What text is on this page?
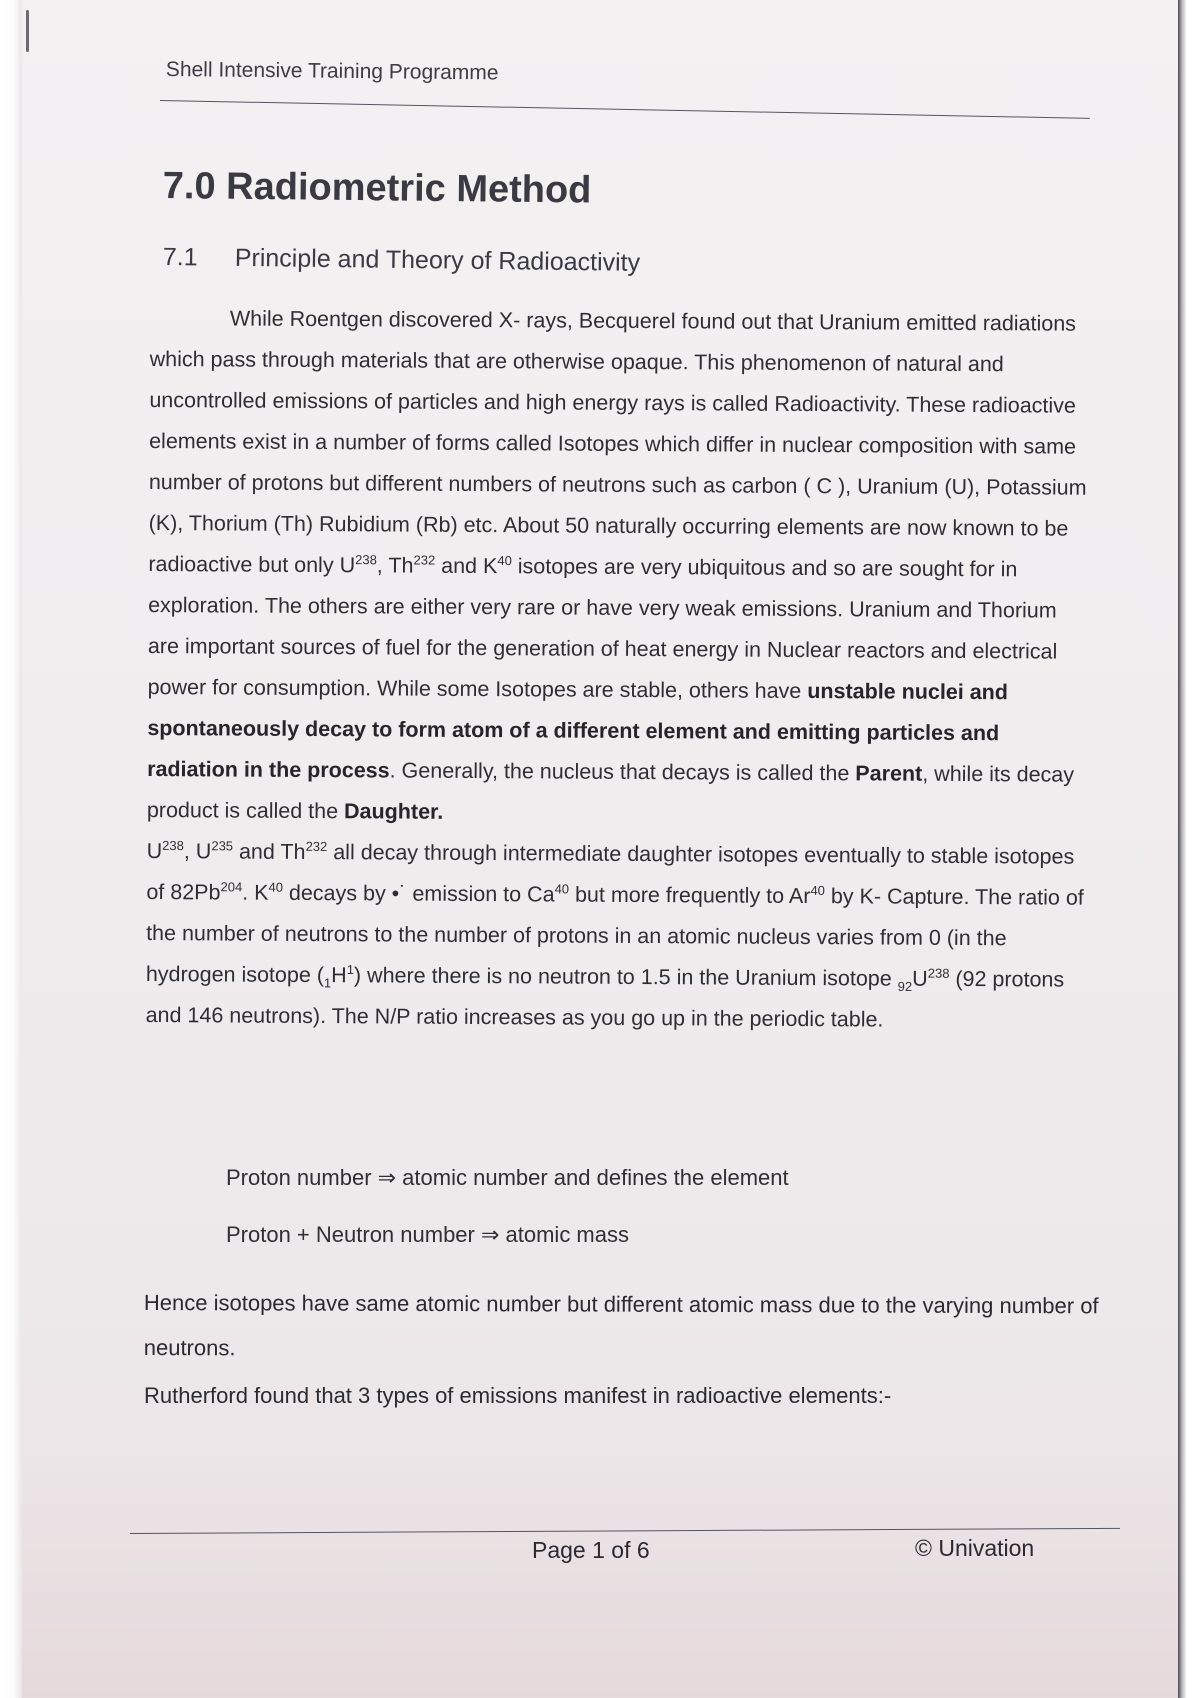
Shell Intensive Training Programme
7.0 Radiometric Method
7.1 Principle and Theory of Radioactivity

While Roentgen discovered X- rays, Becquerel found out that Uranium emitted radiations which pass through materials that are otherwise opaque. This phenomenon of natural and uncontrolled emissions of particles and high energy rays is called Radioactivity. These radioactive elements exist in a number of forms called Isotopes which differ in nuclear composition with same number of protons but different numbers of neutrons such as carbon ( C ), Uranium (U), Potassium (K), Thorium (Th) Rubidium (Rb) etc. About 50 naturally occurring elements are now known to be radioactive but only $U^{238}$, Th$^{232}$ and $K^{40}$ isotopes are very ubiquitous and so are sought for in exploration. The others are either very rare or have very weak emissions. Uranium and Thorium are important sources of fuel for the generation of heat energy in Nuclear reactors and electrical power for consumption. While some Isotopes are stable, others have unstable nuclei and spontaneously decay to form atom of a different element and emitting particles and radiation in the process. Generally, the nucleus that decays is called the Parent, while its decay product is called the Daughter.
$U^{238}$, $U^{235}$ and Th$^{232}$ all decay through intermediate daughter isotopes eventually to stable isotopes of 82Pb$^{204}$. $K^{40}$ decays by •˙ emission to Ca$^{40}$ but more frequently to Ar$^{40}$ by K- Capture. The ratio of the number of neutrons to the number of protons in an atomic nucleus varies from 0 (in the hydrogen isotope $(_1H^1)$ where there is no neutron to 1.5 in the Uranium isotope $_{92}U^{238}$ (92 protons and 146 neutrons). The N/P ratio increases as you go up in the periodic table.

Proton number ⇒ atomic number and defines the element
Proton + Neutron number ⇒ atomic mass
Hence isotopes have same atomic number but different atomic mass due to the varying number of neutrons.
Rutherford found that 3 types of emissions manifest in radioactive elements:-
Page 1 of 6	© Univation
